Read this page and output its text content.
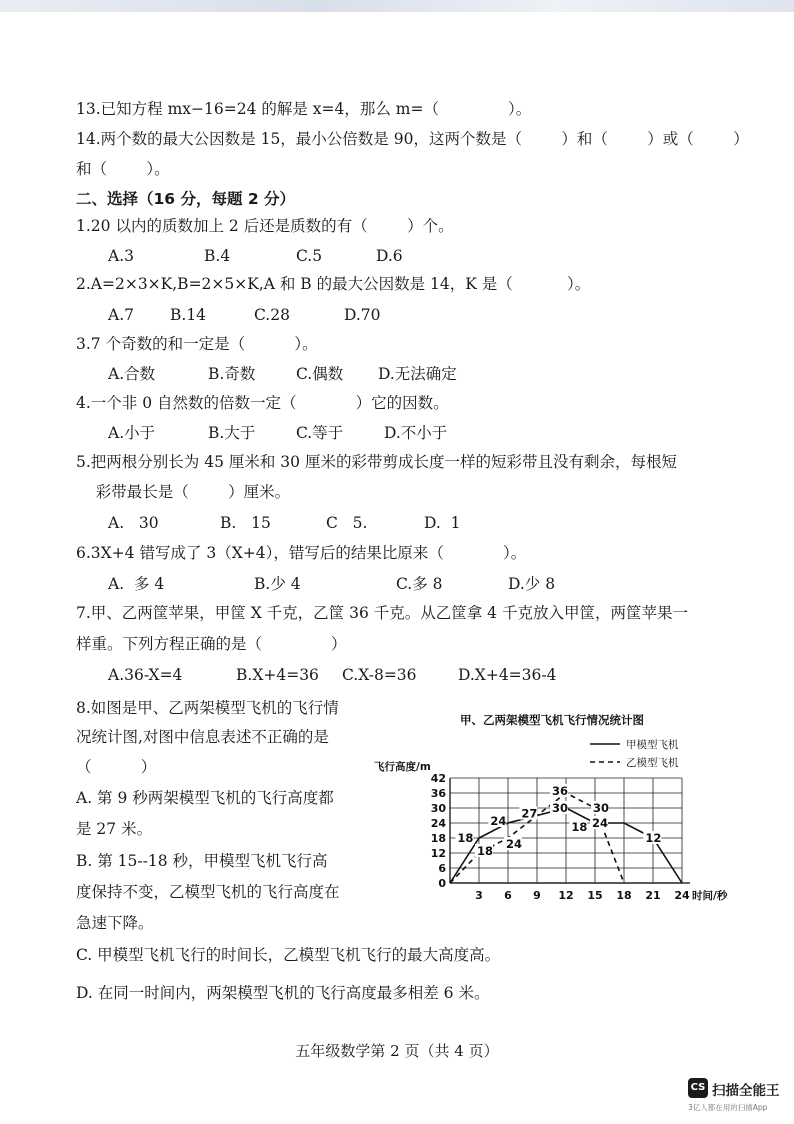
13.已知方程 mx−16=24 的解是 x=4，那么 m=（              ）。
14.两个数的最大公因数是 15，最小公倍数是 90，这两个数是（        ）和（        ）或（        ）
和（        ）。
二、选择（16 分，每题 2 分）
1.20 以内的质数加上 2 后还是质数的有（        ）个。
A.3	B.4	C.5	D.6
2.A=2×3×K,B=2×5×K,A 和 B 的最大公因数是 14，K 是（           ）。
A.7 B.14	C.28	D.70
3.7 个奇数的和一定是（          ）。
A.合数	B.奇数	C.偶数 D.无法确定
4.一个非 0 自然数的倍数一定（            ）它的因数。
A.小于	B.大于	C.等于	D.不小于
5.把两根分别长为 45 厘米和 30 厘米的彩带剪成长度一样的短彩带且没有剩余，每根短
彩带最长是（        ）厘米。
A.   30	B.   15	C   5.	D.  1
6.3X+4 错写成了 3（X+4），错写后的结果比原来（            ）。
A.  多 4	B.少 4	C.多 8	D.少 8
7.甲、乙两筐苹果，甲筐 X 千克，乙筐 36 千克。从乙筐拿 4 千克放入甲筐，两筐苹果一
样重。下列方程正确的是（              ）
A.36-X=4	B.X+4=36 C.X-8=36	D.X+4=36-4
8.如图是甲、乙两架模型飞机的飞行情
况统计图,对图中信息表述不正确的是
（          ）
A. 第 9 秒两架模型飞机的飞行高度都
是 27 米。
B. 第 15--18 秒，甲模型飞机飞行高
度保持不变，乙模型飞机的飞行高度在
急速下降。
C. 甲模型飞机飞行的时间长，乙模型飞机飞行的最大高度高。
D. 在同一时间内，两架模型飞机的飞行高度最多相差 6 米。
甲、乙两架模型飞机飞行情况统计图
甲模型飞机
乙模型飞机
飞行高度/m
0
6
12
18
24
30
36
42
3 6 9 12 15 18 21 24 时间/秒
18
24
27
36
30 30
24
18
12
18 24
五年级数学第 2 页（共 4 页）
CS 扫描全能王
3亿人都在用的扫描App
